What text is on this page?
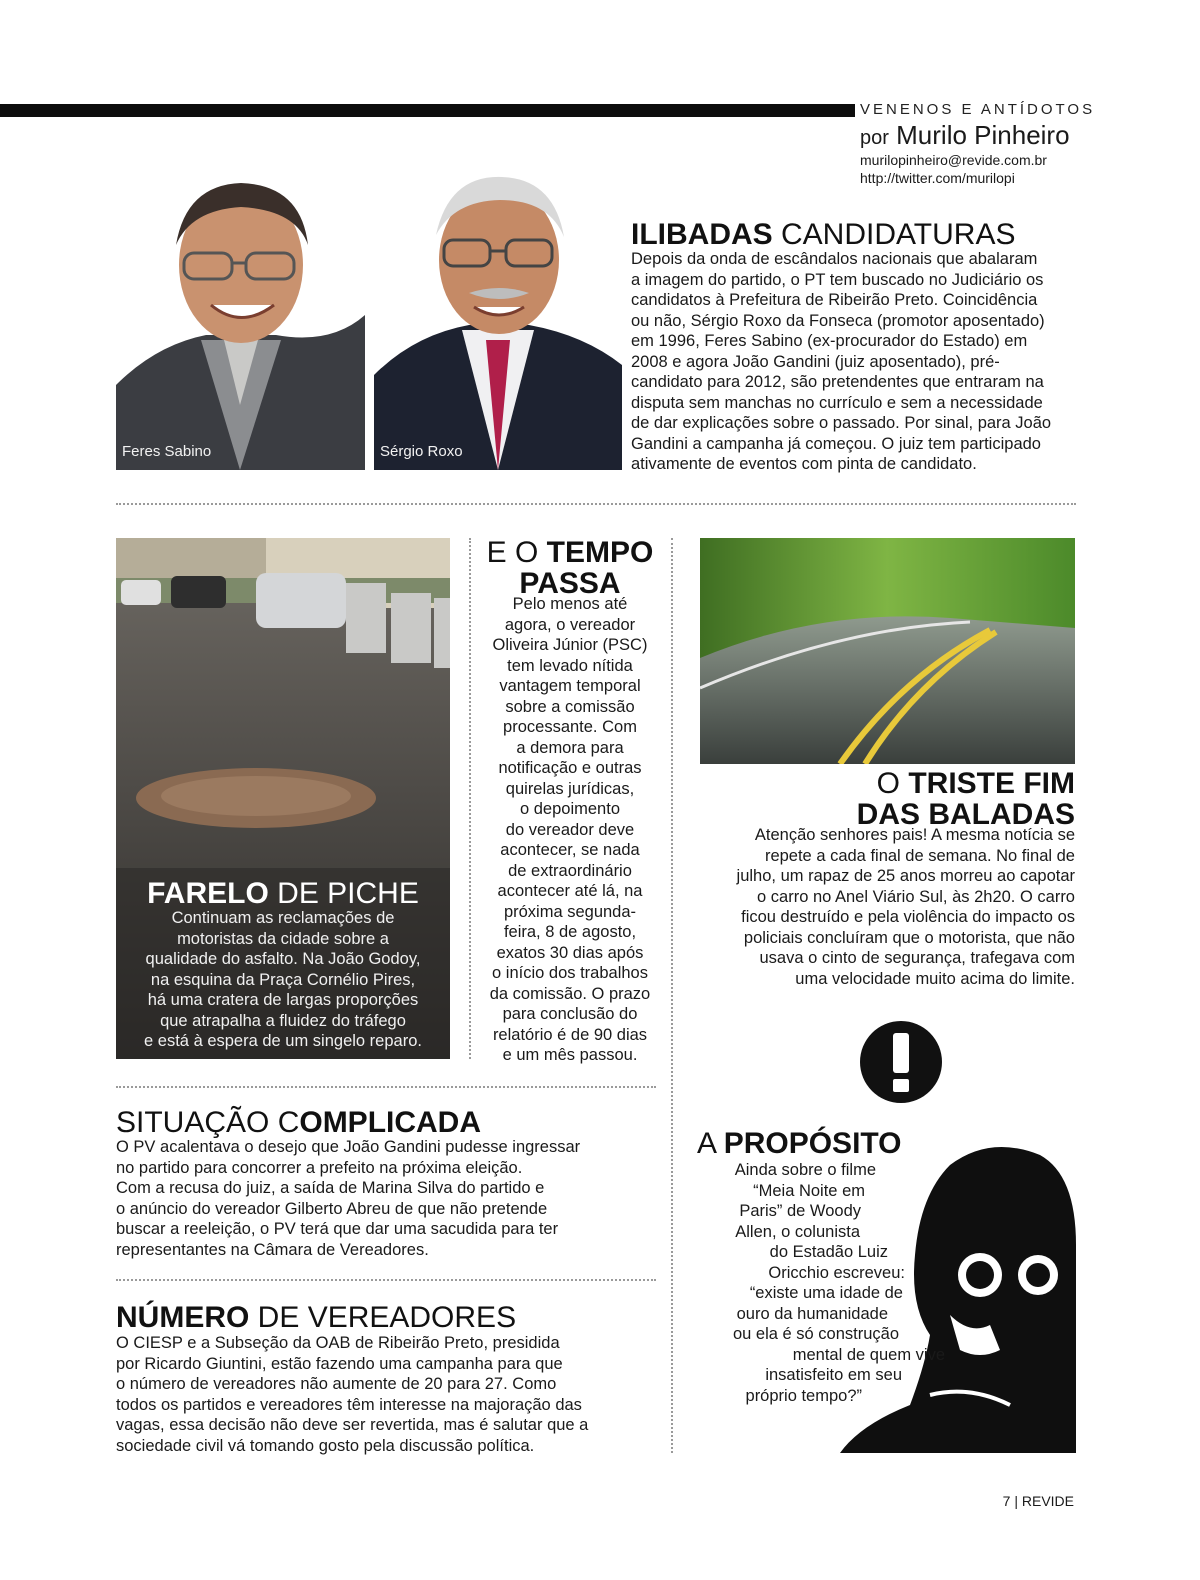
VENENOS E ANTÍDOTOS
por Murilo Pinheiro
murilopinheiro@revide.com.br
http://twitter.com/murilopi
Feres Sabino	Sérgio Roxo
ILIBADAS CANDIDATURAS
Depois da onda de escândalos nacionais que abalaram
a imagem do partido, o PT tem buscado no Judiciário os
candidatos à Prefeitura de Ribeirão Preto. Coincidência
ou não, Sérgio Roxo da Fonseca (promotor aposentado)
em 1996, Feres Sabino (ex-procurador do Estado) em
2008 e agora João Gandini (juiz aposentado), pré-
candidato para 2012, são pretendentes que entraram na
disputa sem manchas no currículo e sem a necessidade
de dar explicações sobre o passado. Por sinal, para João
Gandini a campanha já começou. O juiz tem participado
ativamente de eventos com pinta de candidato.
FARELO DE PICHE
Continuam as reclamações de
motoristas da cidade sobre a
qualidade do asfalto. Na João Godoy,
na esquina da Praça Cornélio Pires,
há uma cratera de largas proporções
que atrapalha a fluidez do tráfego
e está à espera de um singelo reparo.
E O TEMPO
PASSA
Pelo menos até
agora, o vereador
Oliveira Júnior (PSC)
tem levado nítida
vantagem temporal
sobre a comissão
processante. Com
a demora para
notificação e outras
quirelas jurídicas,
o depoimento
do vereador deve
acontecer, se nada
de extraordinário
acontecer até lá, na
próxima segunda-
feira, 8 de agosto,
exatos 30 dias após
o início dos trabalhos
da comissão. O prazo
para conclusão do
relatório é de 90 dias
e um mês passou.
O TRISTE FIM
DAS BALADAS
Atenção senhores pais! A mesma notícia se
repete a cada final de semana. No final de
julho, um rapaz de 25 anos morreu ao capotar
o carro no Anel Viário Sul, às 2h20. O carro
ficou destruído e pela violência do impacto os
policiais concluíram que o motorista, que não
usava o cinto de segurança, trafegava com
uma velocidade muito acima do limite.
SITUAÇÃO COMPLICADA
O PV acalentava o desejo que João Gandini pudesse ingressar
no partido para concorrer a prefeito na próxima eleição.
Com a recusa do juiz, a saída de Marina Silva do partido e
o anúncio do vereador Gilberto Abreu de que não pretende
buscar a reeleição, o PV terá que dar uma sacudida para ter
representantes na Câmara de Vereadores.
NÚMERO DE VEREADORES
O CIESP e a Subseção da OAB de Ribeirão Preto, presidida
por Ricardo Giuntini, estão fazendo uma campanha para que
o número de vereadores não aumente de 20 para 27. Como
todos os partidos e vereadores têm interesse na majoração das
vagas, essa decisão não deve ser revertida, mas é salutar que a
sociedade civil vá tomando gosto pela discussão política.
A PROPÓSITO
Ainda sobre o filme
“Meia Noite em
Paris” de Woody
Allen, o colunista
do Estadão Luiz
Oricchio escreveu:
“existe uma idade de
ouro da humanidade
ou ela é só construção
mental de quem vive
insatisfeito em seu
próprio tempo?”
7 | REVIDE
